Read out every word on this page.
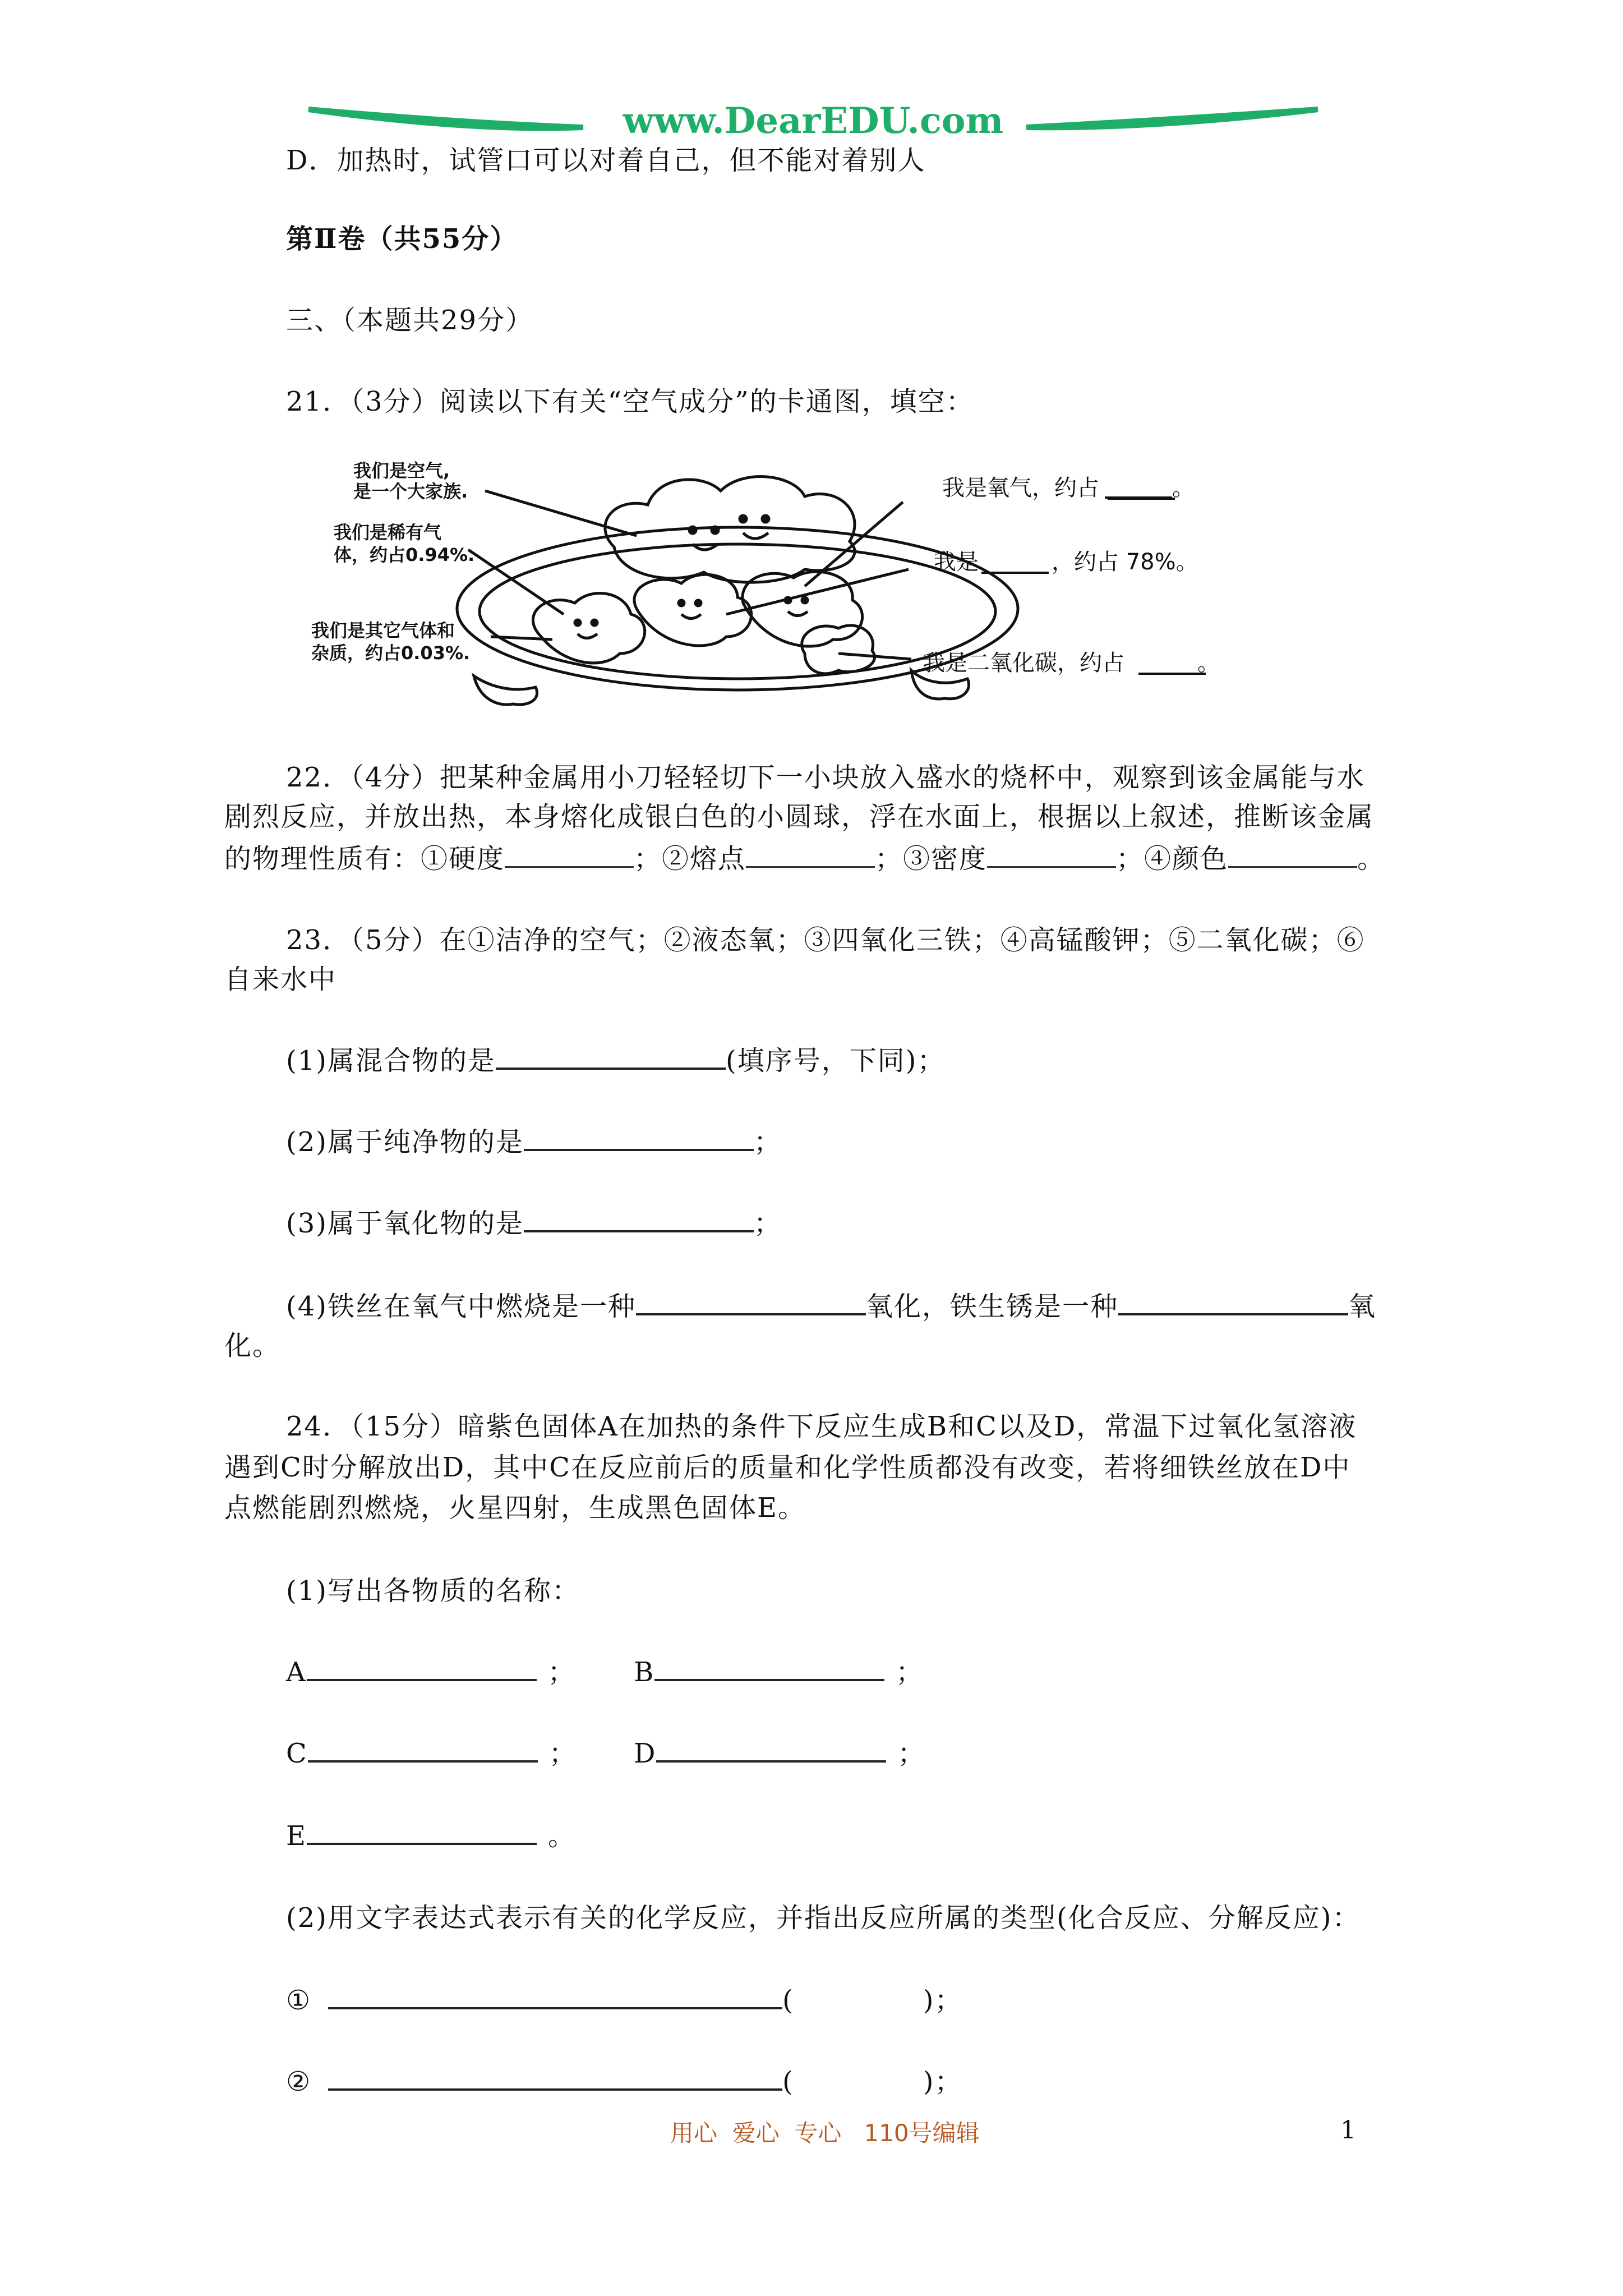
www.DearEDU.com
D．加热时，试管口可以对着自己，但不能对着别人
第Ⅱ卷（共55分）
三、（本题共29分）
21．（3分）阅读以下有关“空气成分”的卡通图，填空：
我们是空气,
是一个大家族.
我们是稀有气
体，约占0.94%.
我们是其它气体和
杂质，约占0.03%.
我是氧气，约占　　　	。
我是	，约占 78%。
我是二氧化碳，约占	。
22．（4分）把某种金属用小刀轻轻切下一小块放入盛水的烧杯中，观察到该金属能与水
剧烈反应，并放出热，本身熔化成银白色的小圆球，浮在水面上，根据以上叙述，推断该金属
的物理性质有：①硬度	；②熔点	；③密度	；④颜色	。
23．（5分）在①洁净的空气；②液态氧；③四氧化三铁；④高锰酸钾；⑤二氧化碳；⑥
自来水中
(1)属混合物的是	(填序号，下同)；
(2)属于纯净物的是	；
(3)属于氧化物的是	；
(4)铁丝在氧气中燃烧是一种	氧化，铁生锈是一种	氧
化。
24．（15分）暗紫色固体A在加热的条件下反应生成B和C以及D，常温下过氧化氢溶液
遇到C时分解放出D，其中C在反应前后的质量和化学性质都没有改变，若将细铁丝放在D中
点燃能剧烈燃烧，火星四射，生成黑色固体E。
(1)写出各物质的名称：
A	； B	；
C	； D	；
E	。
(2)用文字表达式表示有关的化学反应，并指出反应所属的类型(化合反应、分解反应)：
①	(	)；
②	(	)；
用心  爱心  专心   110号编辑	1
